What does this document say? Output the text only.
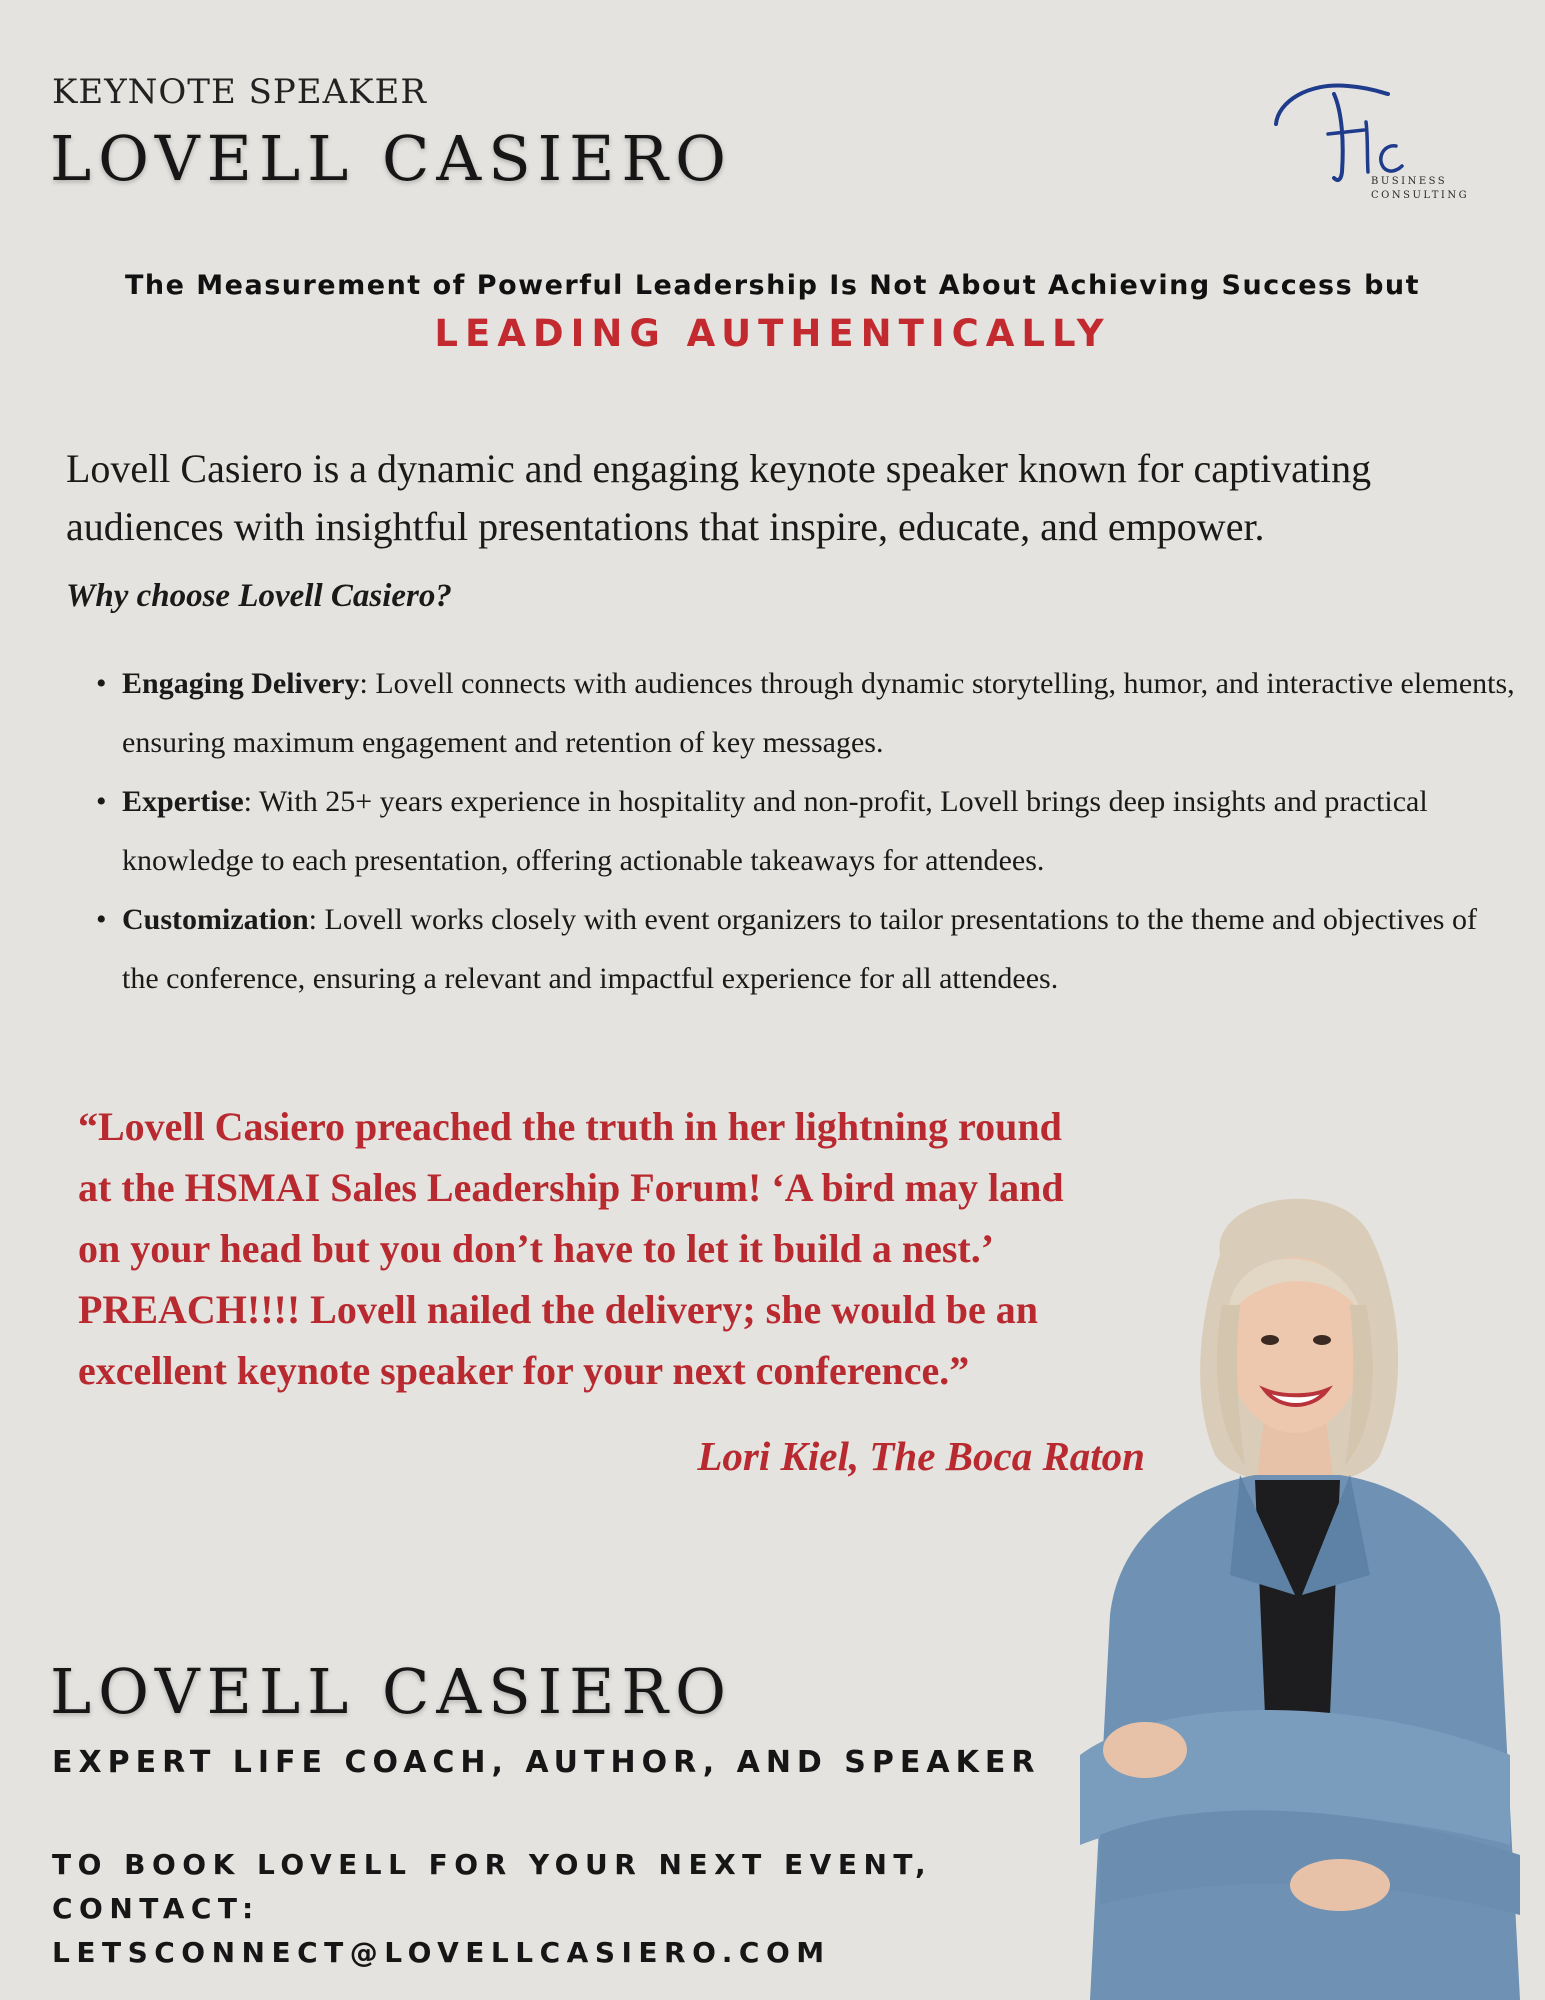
KEYNOTE SPEAKER
LOVELL CASIERO	BUSINESS
CONSULTING
The Measurement of Powerful Leadership Is Not About Achieving Success but
LEADING AUTHENTICALLY
Lovell Casiero is a dynamic and engaging keynote speaker known for captivating audiences with insightful presentations that inspire, educate, and empower.
Why choose Lovell Casiero?
• Engaging Delivery: Lovell connects with audiences through dynamic storytelling, humor, and interactive elements, ensuring maximum engagement and retention of key messages.
• Expertise: With 25+ years experience in hospitality and non-profit, Lovell brings deep insights and practical knowledge to each presentation, offering actionable takeaways for attendees.
• Customization: Lovell works closely with event organizers to tailor presentations to the theme and objectives of the conference, ensuring a relevant and impactful experience for all attendees.
“Lovell Casiero preached the truth in her lightning round
at the HSMAI Sales Leadership Forum! ‘A bird may land
on your head but you don’t have to let it build a nest.’
PREACH!!!! Lovell nailed the delivery; she would be an
excellent keynote speaker for your next conference.”
Lori Kiel, The Boca Raton
LOVELL CASIERO
EXPERT LIFE COACH, AUTHOR, AND SPEAKER
TO BOOK LOVELL FOR YOUR NEXT EVENT,
CONTACT:
LETSCONNECT@LOVELLCASIERO.COM
